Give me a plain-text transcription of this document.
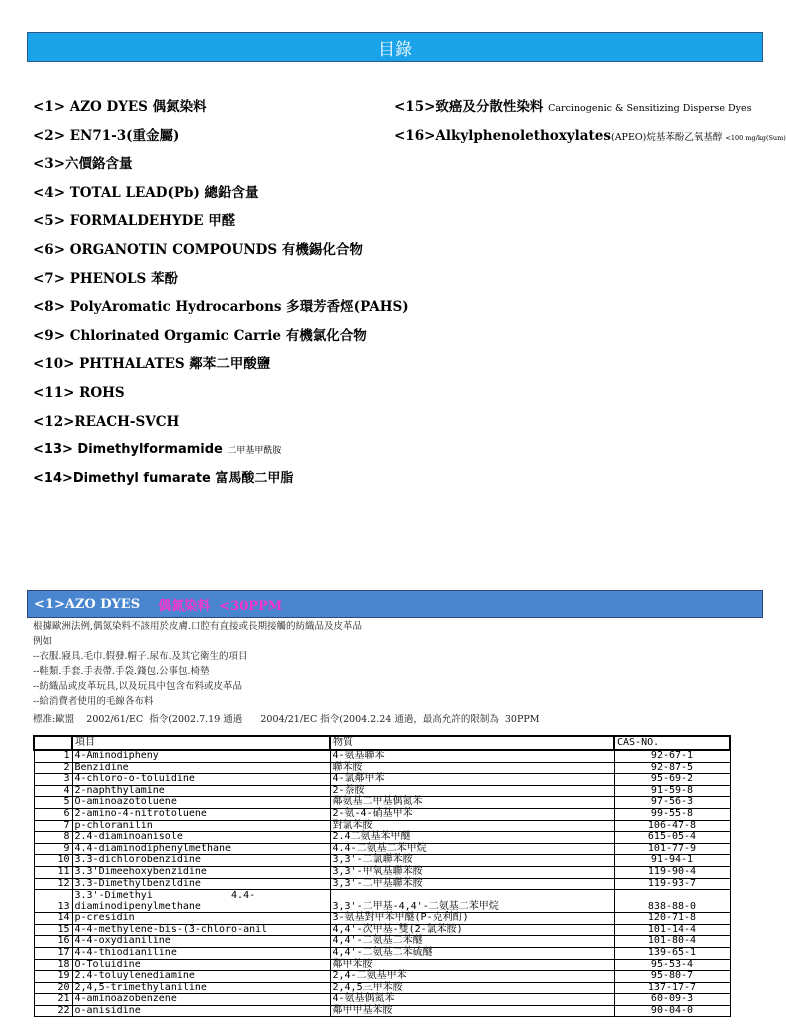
目錄
<1> AZO DYES 偶氮染料
<2> EN71-3(重金屬)
<3>六價鉻含量
<4> TOTAL LEAD(Pb) 總鉛含量
<5> FORMALDEHYDE 甲醛
<6> ORGANOTIN COMPOUNDS 有機錫化合物
<7> PHENOLS 苯酚
<8> PolyAromatic Hydrocarbons 多環芳香烴(PAHS)
<9> Chlorinated Orgamic Carrie 有機氯化合物
<10> PHTHALATES 鄰苯二甲酸鹽
<11> ROHS
<12>REACH-SVCH
<13> Dimethylformamide 二甲基甲酰胺
<14>Dimethyl fumarate 富馬酸二甲脂
<15>致癌及分散性染料 Carcinogenic & Sensitizing Disperse Dyes
<16>Alkylphenolethoxylates(APEO)烷基苯酚乙氧基醇 <100 mg/kg(Sum)
<1>AZO DYES 偶氮染料  <30PPM
根據歐洲法例,偶氮染料不該用於皮膚.口腔有直接或長期接觸的紡織品及皮革品
例如
--衣服.寢具.毛巾.假發.帽子.尿布.及其它衛生的項目
--鞋類.手套.手表帶.手袋.錢包.公事包.椅墊
--紡織品或皮革玩具,以及玩具中包含布料或皮革品
--給消費者使用的毛線各布料
標准:歐盟    2002/61/EC  指令(2002.7.19 通過      2004/21/EC 指令(2004.2.24 通過，最高允許的限制為  30PPM
	項目	物質	CAS-NO.
1	4-Aminodipheny	4-氨基聯苯	92-67-1
2	Benzidine	聯苯胺	92-87-5
3	4-chloro-o-toluidine	4-氯鄰甲苯	95-69-2
4	2-naphthylamine	2-萘胺	91-59-8
5	O-aminoazotoluene	鄰氨基二甲基偶氮苯	97-56-3
6	2-amino-4-nitrotoluene	2-氨-4-硝基甲苯	99-55-8
7	p-chloranilin	對氯苯胺	106-47-8
8	2.4-diaminoanisole	2.4二氨基苯甲醚	615-05-4
9	4.4-diaminodiphenylmethane	4.4-二氨基二苯甲烷	101-77-9
10	3.3-dichlorobenzidine	3,3'-二氯聯苯胺	91-94-1
11	3.3'Dimeehoxybenzidine	3,3'-甲氧基聯苯胺	119-90-4
12	3.3-Dimethylbenzldine	3,3'-二甲基聯苯胺	119-93-7
13	3.3'-Dimethyi             4.4-
diaminodipenylmethane	3,3'-二甲基-4,4'-二氨基二苯甲烷	838-88-0
14	p-cresidin	3-氨基對甲苯甲醚(P-克利酊)	120-71-8
15	4-4-methylene-bis-(3-chloro-anil	4,4'-次甲基-雙(2-氯苯胺)	101-14-4
16	4-4-oxydianiline	4,4'-二氨基二苯醚	101-80-4
17	4-4-thiodianiline	4,4'-二氨基二苯硫醚	139-65-1
18	O-Toluidine	鄰甲苯胺	95-53-4
19	2.4-toluylenediamine	2,4-二氨基甲苯	95-80-7
20	2,4,5-trimethylaniline	2,4,5三甲苯胺	137-17-7
21	4-aminoazobenzene	4-氨基偶氮苯	60-09-3
22	o-anisidine	鄰甲甲基苯胺	90-04-0
